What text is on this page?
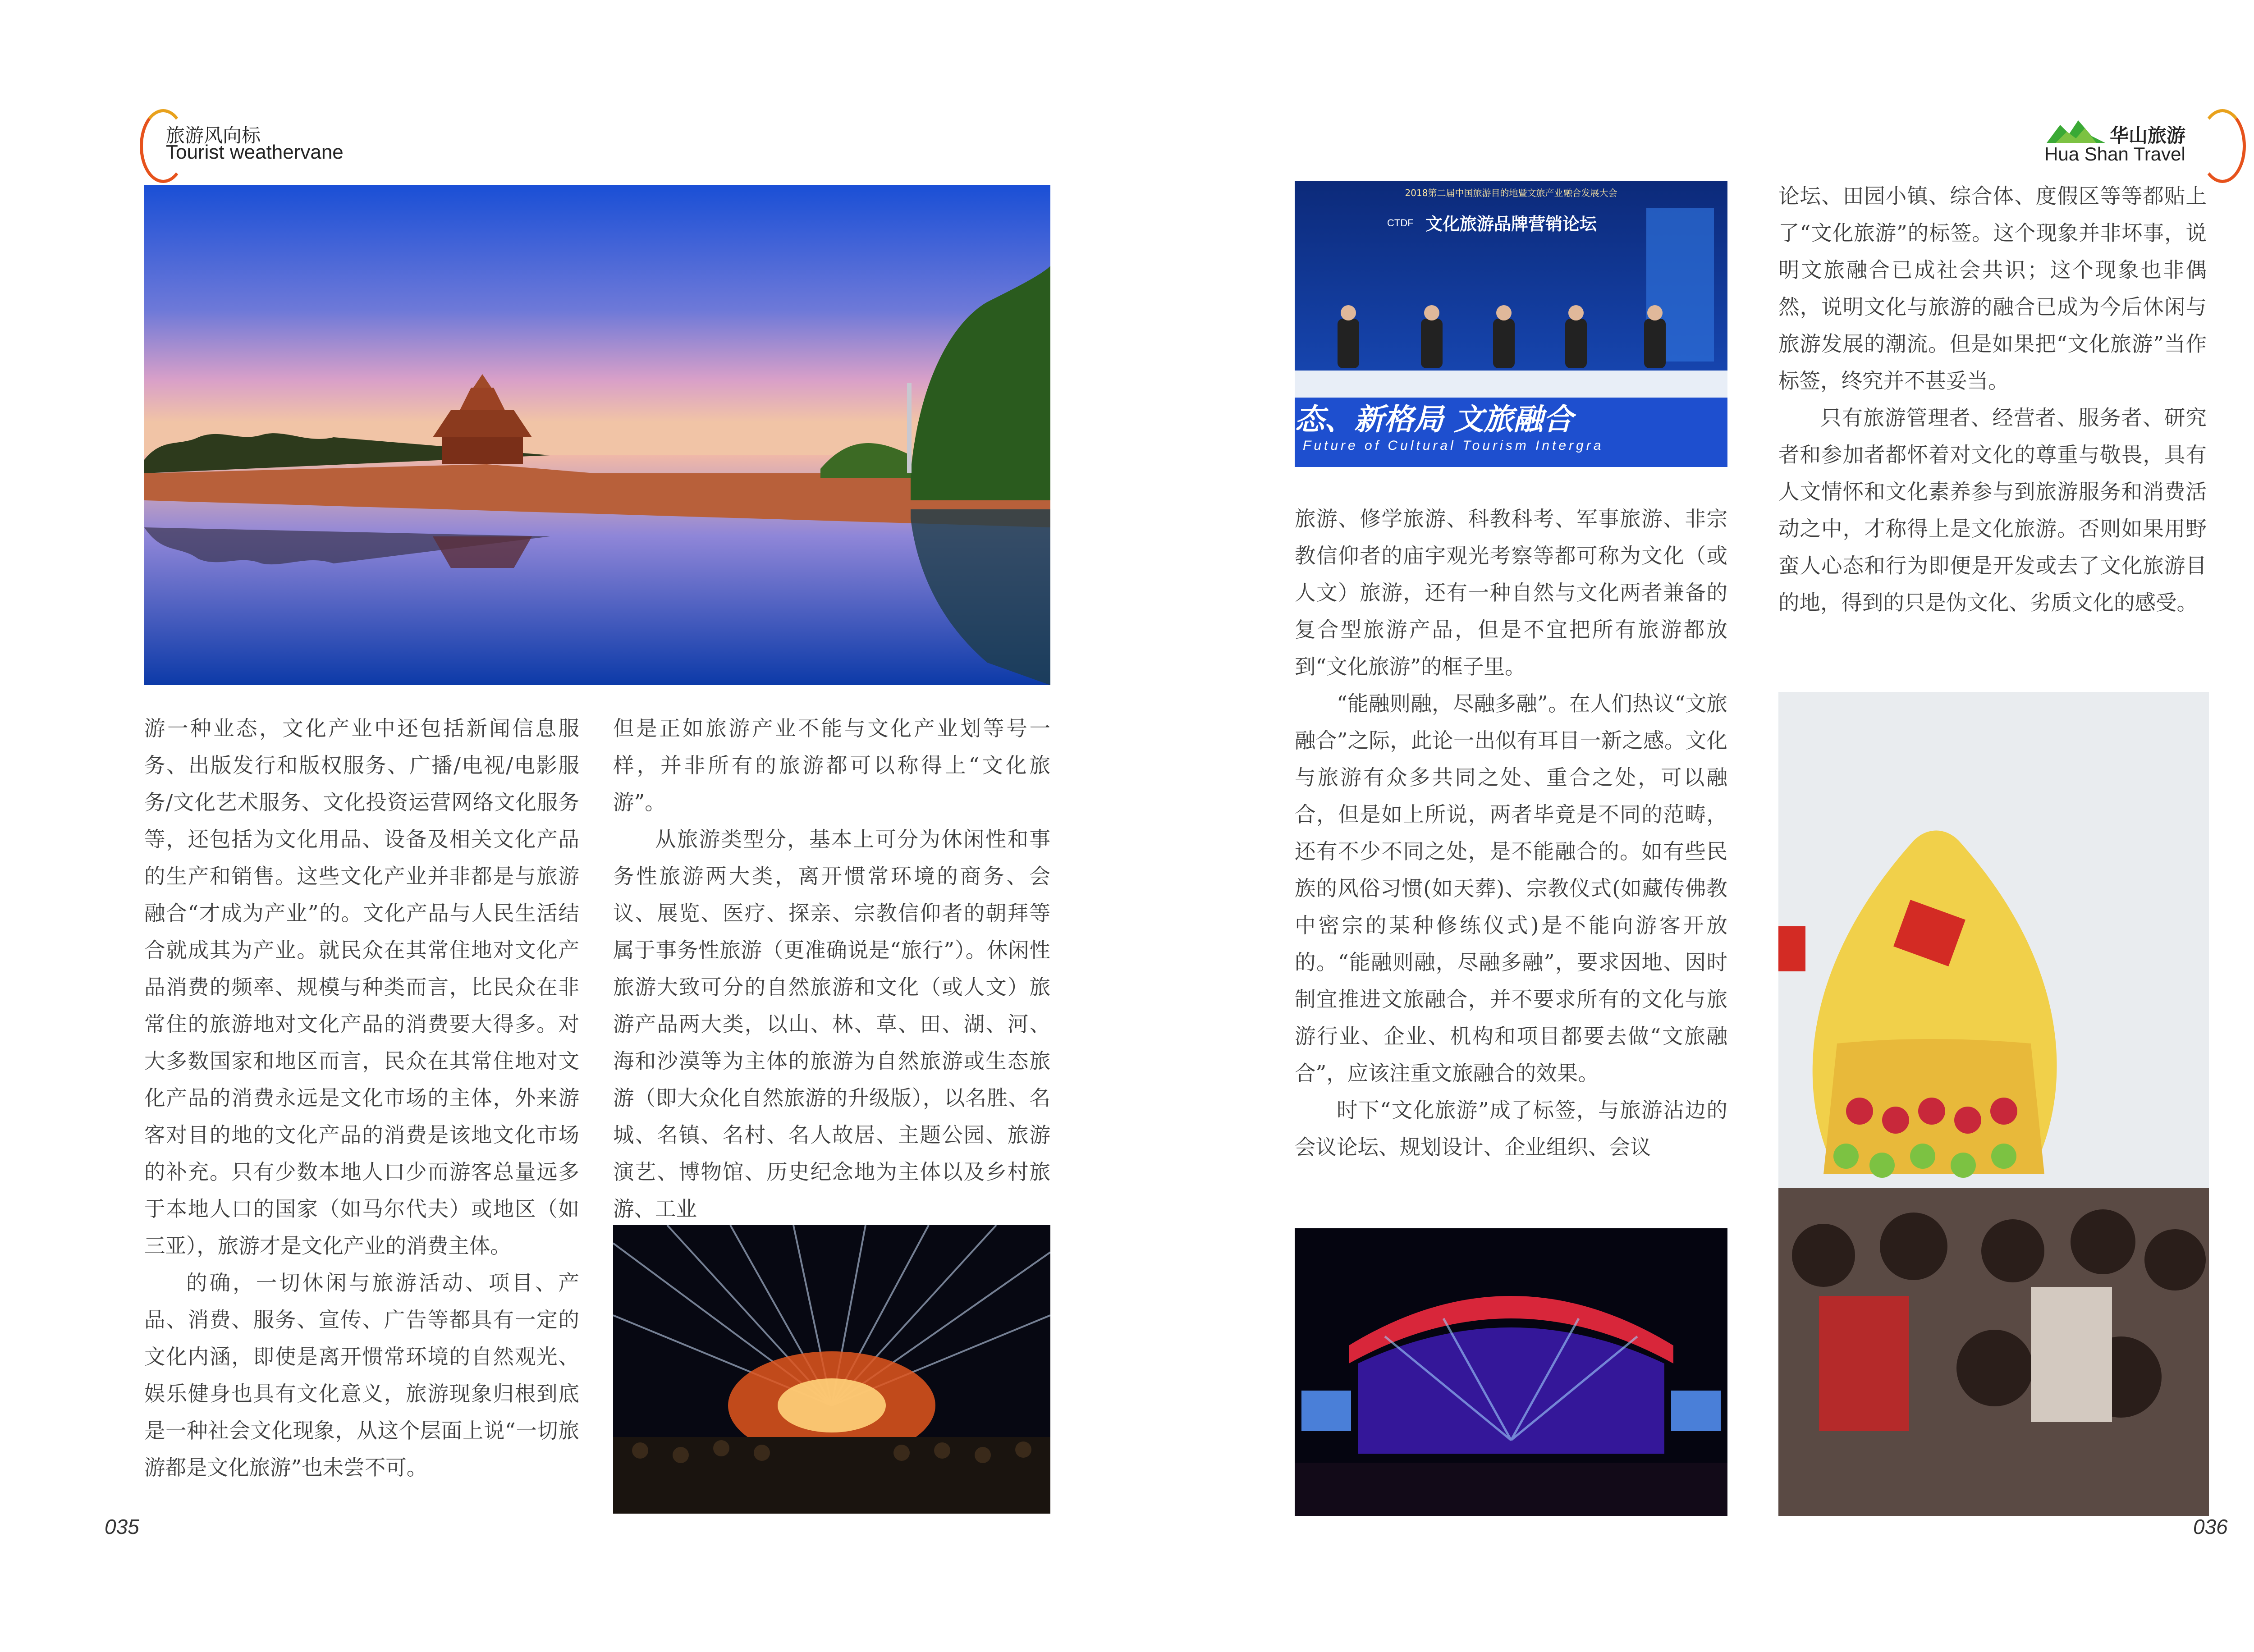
旅游风向标
Tourist weathervane

游一种业态，文化产业中还包括新闻信息服务、出版发行和版权服务、广播/电视/电影服务/文化艺术服务、文化投资运营网络文化服务等，还包括为文化用品、设备及相关文化产品的生产和销售。这些文化产业并非都是与旅游融合“才成为产业”的。文化产品与人民生活结合就成其为产业。就民众在其常住地对文化产品消费的频率、规模与种类而言，比民众在非常住的旅游地对文化产品的消费要大得多。对大多数国家和地区而言，民众在其常住地对文化产品的消费永远是文化市场的主体，外来游客对目的地的文化产品的消费是该地文化市场的补充。只有少数本地人口少而游客总量远多于本地人口的国家（如马尔代夫）或地区（如三亚），旅游才是文化产业的消费主体。

的确，一切休闲与旅游活动、项目、产品、消费、服务、宣传、广告等都具有一定的文化内涵，即使是离开惯常环境的自然观光、娱乐健身也具有文化意义，旅游现象归根到底是一种社会文化现象，从这个层面上说“一切旅游都是文化旅游”也未尝不可。

但是正如旅游产业不能与文化产业划等号一样，并非所有的旅游都可以称得上“文化旅游”。

从旅游类型分，基本上可分为休闲性和事务性旅游两大类，离开惯常环境的商务、会议、展览、医疗、探亲、宗教信仰者的朝拜等属于事务性旅游（更准确说是“旅行”）。休闲性旅游大致可分的自然旅游和文化（或人文）旅游产品两大类，以山、林、草、田、湖、河、海和沙漠等为主体的旅游为自然旅游或生态旅游（即大众化自然旅游的升级版），以名胜、名城、名镇、名村、名人故居、主题公园、旅游演艺、博物馆、历史纪念地为主体以及乡村旅游、工业

035
华山旅游
Hua Shan Travel
2018第二届中国旅游目的地暨文旅产业融合发展大会
CTDF 文化旅游品牌营销论坛
态、新格局 文旅融合
Future of Cultural Tourism Intergra

旅游、修学旅游、科教科考、军事旅游、非宗教信仰者的庙宇观光考察等都可称为文化（或人文）旅游，还有一种自然与文化两者兼备的复合型旅游产品，但是不宜把所有旅游都放到“文化旅游”的框子里。

“能融则融，尽融多融”。在人们热议“文旅融合”之际，此论一出似有耳目一新之感。文化与旅游有众多共同之处、重合之处，可以融合，但是如上所说，两者毕竟是不同的范畴，还有不少不同之处，是不能融合的。如有些民族的风俗习惯(如天葬)、宗教仪式(如藏传佛教中密宗的某种修练仪式)是不能向游客开放的。“能融则融，尽融多融”，要求因地、因时制宜推进文旅融合，并不要求所有的文化与旅游行业、企业、机构和项目都要去做“文旅融合”，应该注重文旅融合的效果。

时下“文化旅游”成了标签，与旅游沾边的会议论坛、规划设计、企业组织、会议

论坛、田园小镇、综合体、度假区等等都贴上了“文化旅游”的标签。这个现象并非坏事，说明文旅融合已成社会共识；这个现象也非偶然，说明文化与旅游的融合已成为今后休闲与旅游发展的潮流。但是如果把“文化旅游”当作标签，终究并不甚妥当。

只有旅游管理者、经营者、服务者、研究者和参加者都怀着对文化的尊重与敬畏，具有人文情怀和文化素养参与到旅游服务和消费活动之中，才称得上是文化旅游。否则如果用野蛮人心态和行为即便是开发或去了文化旅游目的地，得到的只是伪文化、劣质文化的感受。

036
